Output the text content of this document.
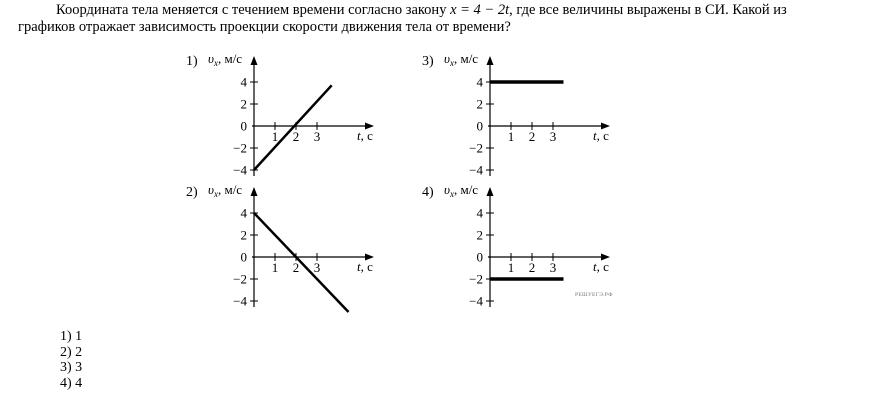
Координата тела меняется с течением времени согласно закону x = 4 − 2t, где все величины выражены в СИ. Какой из графиков отражает зависимость проекции скорости движения тела от времени?
1) $\upsilon_x$, м/с
t, с
4
2
0
−2
−4
1 2 3
2) $\upsilon_x$, м/с
t, с
4
2
0
−2
−4
1 2 3
3) $\upsilon_x$, м/с
t, с
4
2
0
−2
−4
1 2 3
4) $\upsilon_x$, м/с
t, с
4
2
0
−2
−4
1 2 3
РЕШУЕГЭ.РФ
1) 1
2) 2
3) 3
4) 4
